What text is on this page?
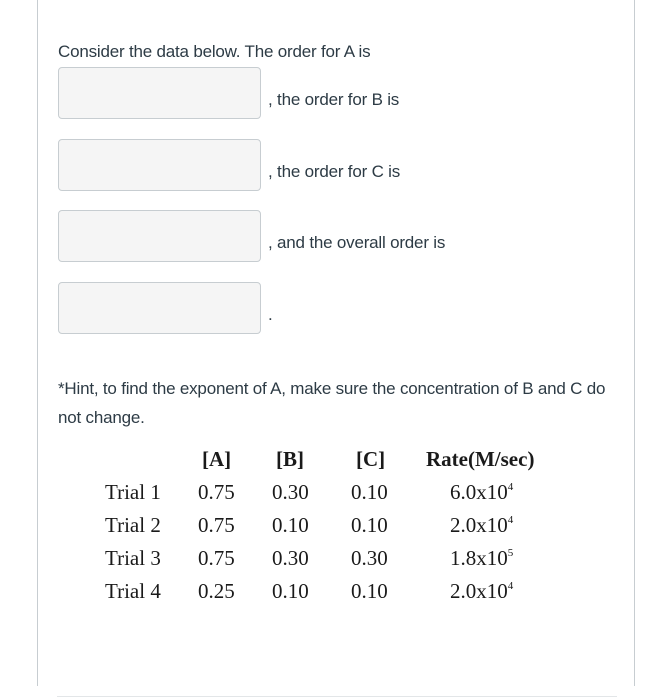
Consider the data below. The order for A is
, the order for B is
, the order for C is
, and the overall order is
.
*Hint, to find the exponent of A, make sure the concentration of B and C do not change.
[A] [B] [C] Rate(M/sec)
Trial 1 0.75 0.30 0.10	$6.0x10^4$
Trial 2 0.75 0.10 0.10	$2.0x10^4$
Trial 3 0.75 0.30 0.30	$1.8x10^5$
Trial 4 0.25 0.10 0.10	$2.0x10^4$
